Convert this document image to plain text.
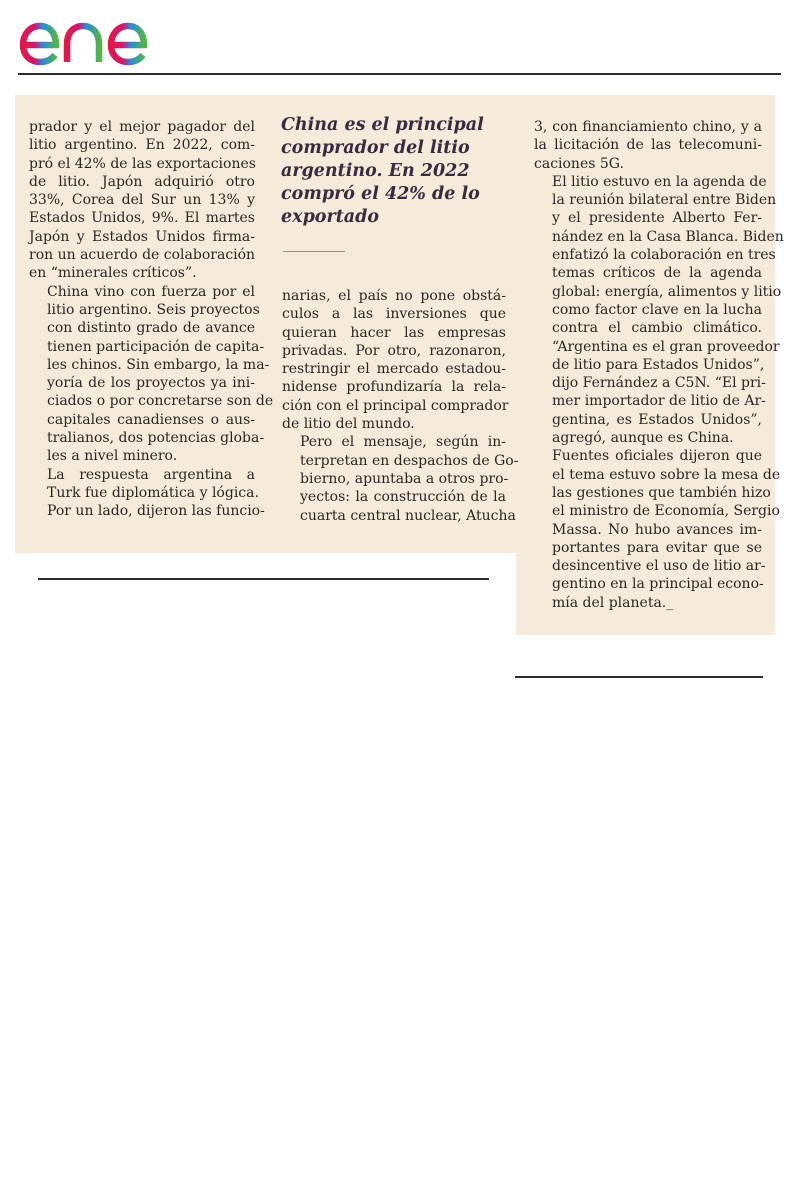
prador y el mejor pagador del
litio argentino. En 2022, com-
pró el 42% de las exportaciones
de litio. Japón adquirió otro
33%, Corea del Sur un 13% y
Estados Unidos, 9%. El martes
Japón y Estados Unidos firma-
ron un acuerdo de colaboración
en “minerales críticos”.

China vino con fuerza por el
litio argentino. Seis proyectos
con distinto grado de avance
tienen participación de capita-
les chinos. Sin embargo, la ma-
yoría de los proyectos ya ini-
ciados o por concretarse son de
capitales canadienses o aus-
tralianos, dos potencias globa-
les a nivel minero.

La respuesta argentina a
Turk fue diplomática y lógica.
Por un lado, dijeron las funcio-

China es el principal comprador del litio argentino. En 2022 compró el 42% de lo exportado

narias, el país no pone obstá-
culos a las inversiones que
quieran hacer las empresas
privadas. Por otro, razonaron,
restringir el mercado estadou-
nidense profundizaría la rela-
ción con el principal comprador
de litio del mundo.

Pero el mensaje, según in-
terpretan en despachos de Go-
bierno, apuntaba a otros pro-
yectos: la construcción de la
cuarta central nuclear, Atucha

3, con financiamiento chino, y a
la licitación de las telecomuni-
caciones 5G.

El litio estuvo en la agenda de
la reunión bilateral entre Biden
y el presidente Alberto Fer-
nández en la Casa Blanca. Biden
enfatizó la colaboración en tres
temas críticos de la agenda
global: energía, alimentos y litio
como factor clave en la lucha
contra el cambio climático.
“Argentina es el gran proveedor
de litio para Estados Unidos”,
dijo Fernández a C5N. “El pri-
mer importador de litio de Ar-
gentina, es Estados Unidos”,
agregó, aunque es China.

Fuentes oficiales dijeron que
el tema estuvo sobre la mesa de
las gestiones que también hizo
el ministro de Economía, Sergio
Massa. No hubo avances im-
portantes para evitar que se
desincentive el uso de litio ar-
gentino en la principal econo-
mía del planeta._
